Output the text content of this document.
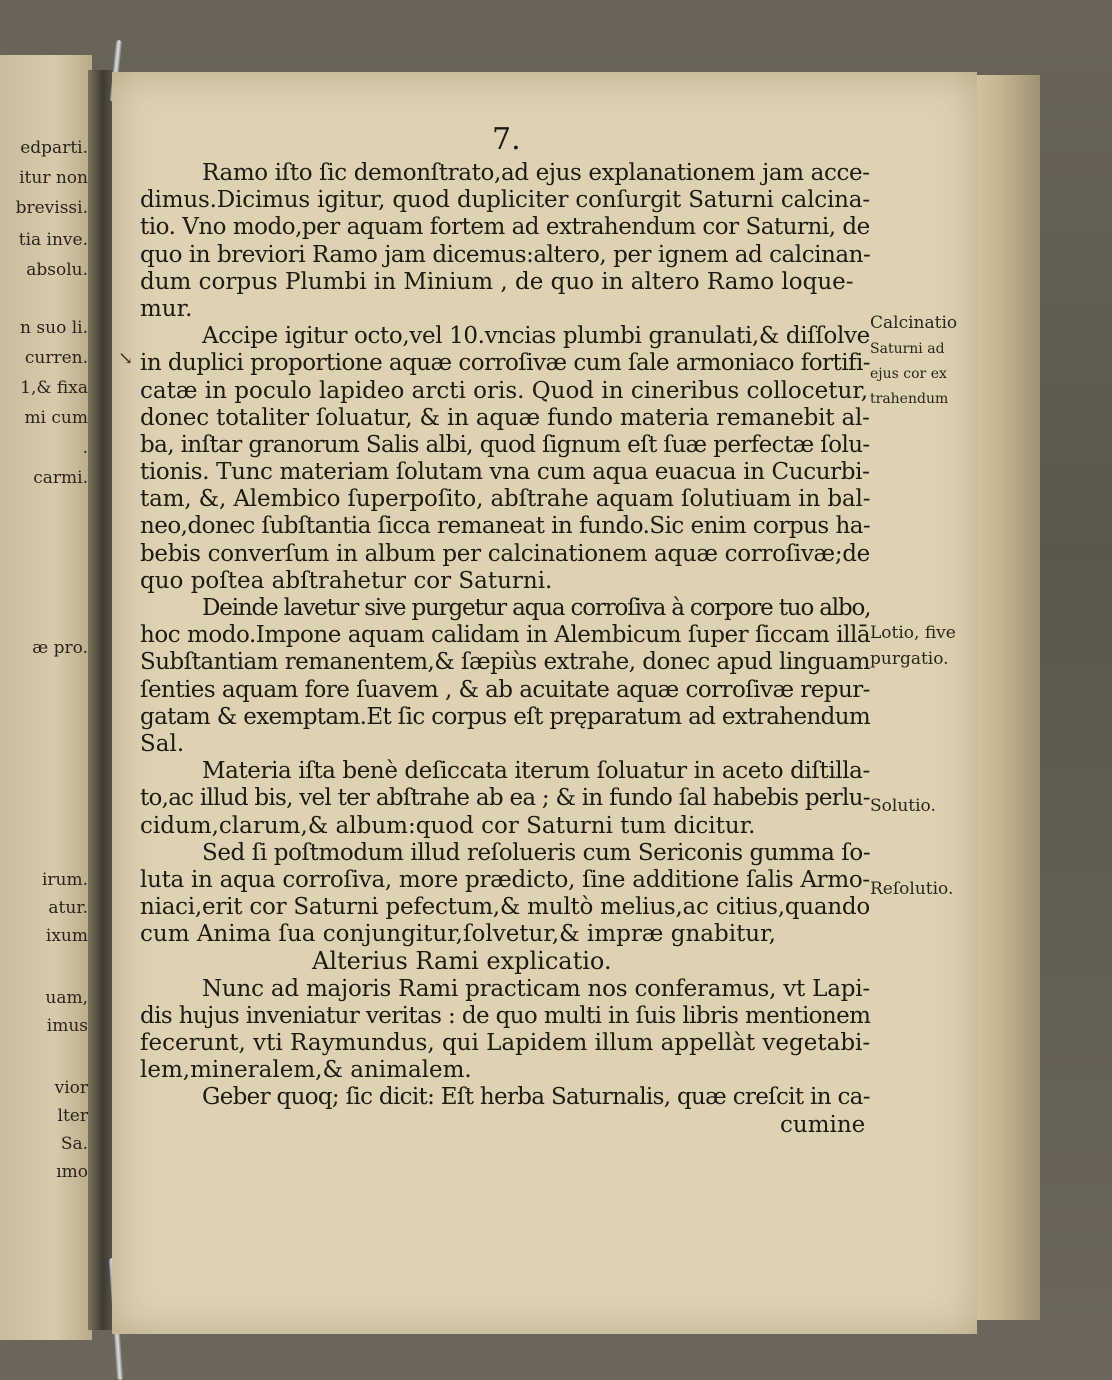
edparti.
itur non
brevissi.
tia inve.
absolu.
n suo li.
curren.
1,& fixa
mi cum
.
carmi.
æ pro.
irum.
atur.
ixum
uam,
imus
vior
lter
Sa.
ımo
7.
↘
Ramo iſto ſic demonſtrato,ad ejus explanationem jam acce-
dimus.Dicimus igitur, quod dupliciter conſurgit Saturni calcina-
tio. Vno modo,per aquam fortem ad extrahendum cor Saturni, de
quo in breviori Ramo jam dicemus:altero, per ignem ad calcinan-
dum corpus Plumbi in Minium , de quo in altero Ramo loque-
mur.
Accipe igitur octo,vel 10.vncias plumbi granulati,& diſſolve
in duplici proportione aquæ corroſivæ cum ſale armoniaco fortifi-
catæ in poculo lapideo arcti oris. Quod in cineribus collocetur,
donec totaliter ſoluatur, & in aquæ fundo materia remanebit al-
ba, inſtar granorum Salis albi, quod ſignum eſt ſuæ perfectæ ſolu-
tionis. Tunc materiam ſolutam vna cum aqua euacua in Cucurbi-
tam, &, Alembico ſuperpoſito, abſtrahe aquam ſolutiuam in bal-
neo,donec ſubſtantia ſicca remaneat in fundo.Sic enim corpus ha-
bebis converſum in album per calcinationem aquæ corroſivæ;de
quo poſtea abſtrahetur cor Saturni.
Deinde lavetur sive purgetur aqua corroſiva à corpore tuo albo,
hoc modo.Impone aquam calidam in Alembicum ſuper ſiccam illā
Subſtantiam remanentem,& ſæpiùs extrahe, donec apud linguam
ſenties aquam fore ſuavem , & ab acuitate aquæ corroſivæ repur-
gatam & exemptam.Et ſic corpus eſt pręparatum ad extrahendum
Sal.
Materia iſta benè deſiccata iterum ſoluatur in aceto diſtilla-
to,ac illud bis, vel ter abſtrahe ab ea ; & in fundo ſal habebis perlu-
cidum,clarum,& album:quod cor Saturni tum dicitur.
Sed ſi poſtmodum illud reſolueris cum Sericonis gumma ſo-
luta in aqua corroſiva, more prædicto, ſine additione ſalis Armo-
niaci,erit cor Saturni pefectum,& multò melius,ac citius,quando
cum Anima ſua conjungitur,ſolvetur,& impræ gnabitur,
Alterius Rami explicatio.
Nunc ad majoris Rami practicam nos conferamus, vt Lapi-
dis hujus inveniatur veritas : de quo multi in ſuis libris mentionem
fecerunt, vti Raymundus, qui Lapidem illum appellàt vegetabi-
lem,mineralem,& animalem.
Geber quoq; ſic dicit: Eſt herba Saturnalis, quæ creſcit in ca-
cumine
Calcinatio
Saturni ad
ejus cor ex
trahendum
Lotio, five
purgatio.
Solutio.
Reſolutio.
